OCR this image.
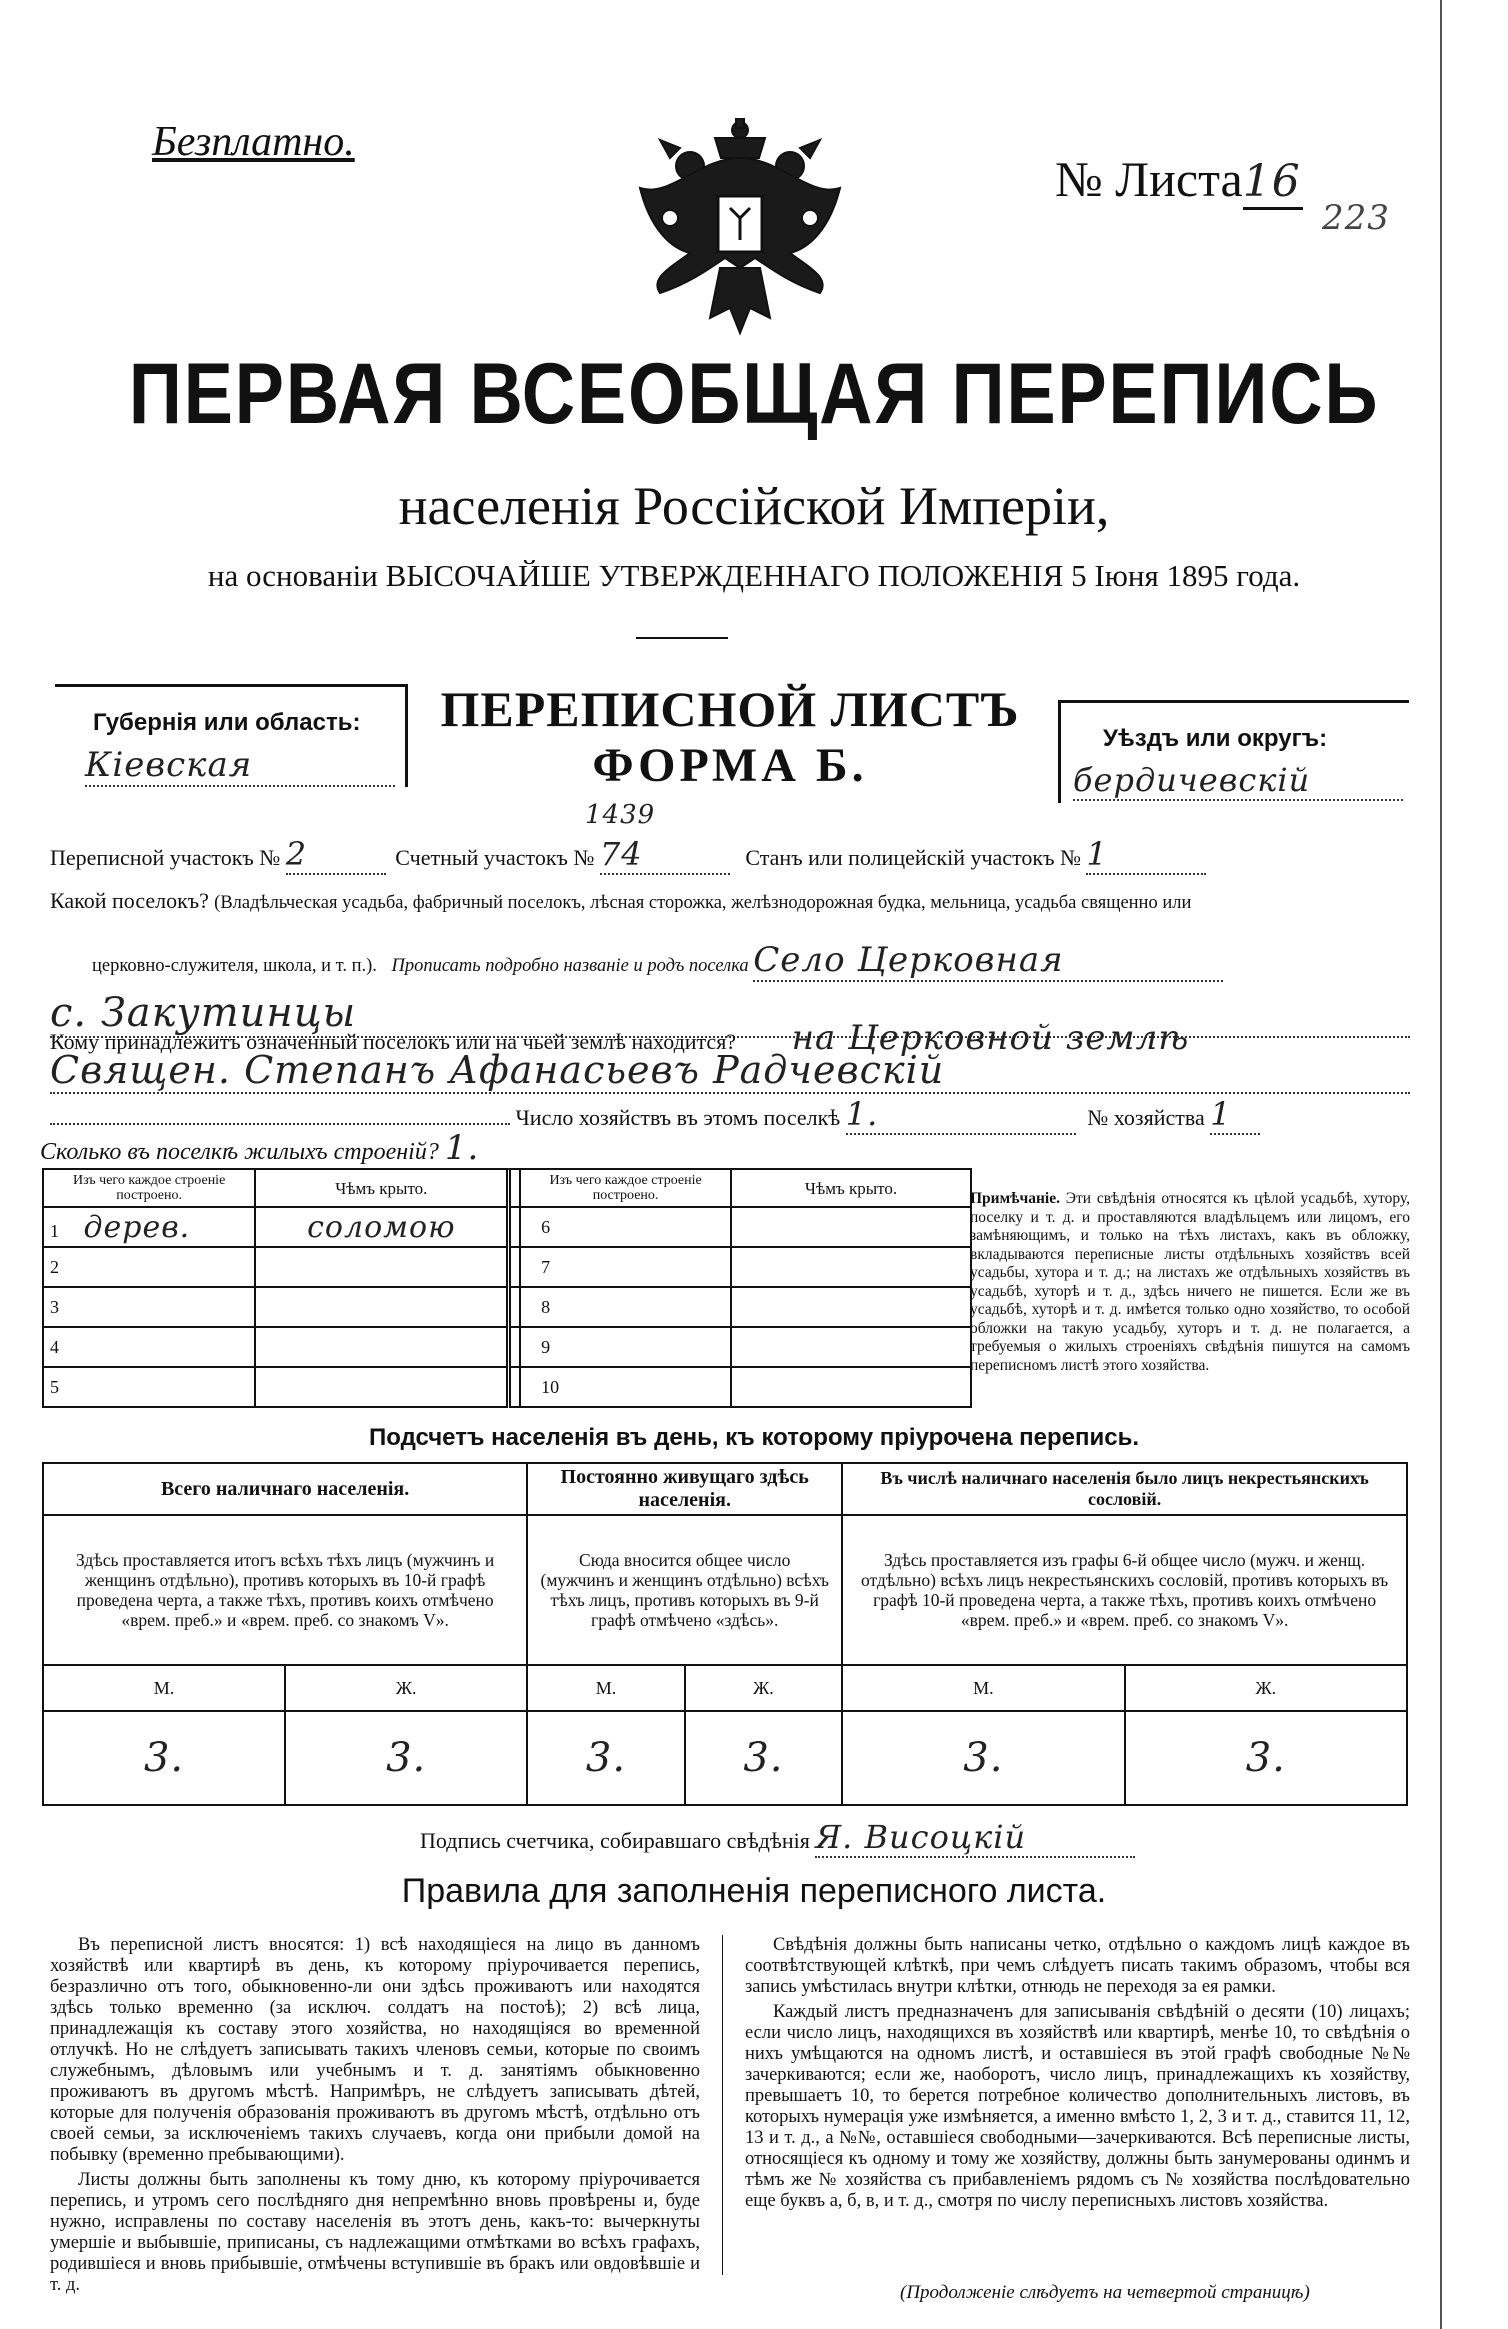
Безплатно.
№ Листа16
223
ПЕРВАЯ ВСЕОБЩАЯ ПЕРЕПИСЬ
населенія Россійской Имперіи,
на основаніи ВЫСОЧАЙШЕ УТВЕРЖДЕННАГО ПОЛОЖЕНІЯ 5 Іюня 1895 года.
Губернія или область:
Кіевская
ПЕРЕПИСНОЙ ЛИСТЪ
ФОРМА Б.
Уѣздъ или округъ:
бердичевскій
Переписной участокъ № 2	Счетный участокъ № 74	Станъ или полицейскій участокъ № 1
1439
Какой поселокъ? (Владѣльческая усадьба, фабричный поселокъ, лѣсная сторожка, желѣзнодорожная будка, мельница, усадьба священно или
церковно-служителя, школа, и т. п.). Прописать подробно названіе и родъ поселка Село Церковная
с. Закутинцы
Кому принадлежитъ означенный поселокъ или на чьей землѣ находится? на Церковной землѣ
Священ. Степанъ Афанасьевъ Радчевскій
Число хозяйствъ въ этомъ поселкѣ 1.	№ хозяйства 1
Сколько въ поселкѣ жилыхъ строеній? 1.
Изъ чего каждое строеніе построено.	Чѣмъ крыто.		Изъ чего каждое строеніе построено.	Чѣмъ крыто.
1 дерев.	соломою		6	
2			7	
3			8	
4			9	
5			10	
Примѣчаніе. Эти свѣдѣнія относятся къ цѣлой усадьбѣ, хутору, поселку и т. д. и проставляются владѣльцемъ или лицомъ, его замѣняющимъ, и только на тѣхъ листахъ, какъ въ обложку, вкладываются переписные листы отдѣльныхъ хозяйствъ всей усадьбы, хутора и т. д.; на листахъ же отдѣльныхъ хозяйствъ въ усадьбѣ, хуторѣ и т. д., здѣсь ничего не пишется. Если же въ усадьбѣ, хуторѣ и т. д. имѣется только одно хозяйство, то особой обложки на такую усадьбу, хуторъ и т. д. не полагается, а требуемыя о жилыхъ строеніяхъ свѣдѣнія пишутся на самомъ переписномъ листѣ этого хозяйства.
Подсчетъ населенія въ день, къ которому пріурочена перепись.
Всего наличнаго населенія.		Постоянно живущаго здѣсь населенія.		Въ числѣ наличнаго населенія было лицъ некрестьянскихъ сословій.	
Здѣсь проставляется итогъ всѣхъ тѣхъ лицъ (мужчинъ и женщинъ отдѣльно), противъ которыхъ въ 10-й графѣ проведена черта, а также тѣхъ, противъ коихъ отмѣчено «врем. преб.» и «врем. преб. со знакомъ V».		Сюда вносится общее число (мужчинъ и женщинъ отдѣльно) всѣхъ тѣхъ лицъ, противъ которыхъ въ 9-й графѣ отмѣчено «здѣсь».		Здѣсь проставляется изъ графы 6-й общее число (мужч. и женщ. отдѣльно) всѣхъ лицъ некрестьянскихъ сословій, противъ которыхъ въ графѣ 10-й проведена черта, а также тѣхъ, противъ коихъ отмѣчено «врем. преб.» и «врем. преб. со знакомъ V».	
М.	Ж.	М.	Ж.	М.	Ж.
3.	3.	3.	3.	3.	3.
Подпись счетчика, собиравшаго свѣдѣнія Я. Висоцкій
Правила для заполненія переписного листа.

Въ переписной листъ вносятся: 1) всѣ находящіеся на лицо въ данномъ хозяйствѣ или квартирѣ въ день, къ которому пріурочивается перепись, безразлично отъ того, обыкновенно-ли они здѣсь проживаютъ или находятся здѣсь только временно (за исключ. солдатъ на постоѣ); 2) всѣ лица, принадлежащія къ составу этого хозяйства, но находящіяся во временной отлучкѣ. Но не слѣдуетъ записывать такихъ членовъ семьи, которые по своимъ служебнымъ, дѣловымъ или учебнымъ и т. д. занятіямъ обыкновенно проживаютъ въ другомъ мѣстѣ. Напримѣръ, не слѣдуетъ записывать дѣтей, которые для полученія образованія проживаютъ въ другомъ мѣстѣ, отдѣльно отъ своей семьи, за исключеніемъ такихъ случаевъ, когда они прибыли домой на побывку (временно пребывающими).

Листы должны быть заполнены къ тому дню, къ которому пріурочивается перепись, и утромъ сего послѣдняго дня непремѣнно вновь провѣрены и, буде нужно, исправлены по составу населенія въ этотъ день, какъ-то: вычеркнуты умершіе и выбывшіе, приписаны, съ надлежащими отмѣтками во всѣхъ графахъ, родившіеся и вновь прибывшіе, отмѣчены вступившіе въ бракъ или овдовѣвшіе и т. д.

Свѣдѣнія должны быть написаны четко, отдѣльно о каждомъ лицѣ каждое въ соотвѣтствующей клѣткѣ, при чемъ слѣдуетъ писать такимъ образомъ, чтобы вся запись умѣстилась внутри клѣтки, отнюдь не переходя за ея рамки.

Каждый листъ предназначенъ для записыванія свѣдѣній о десяти (10) лицахъ; если число лицъ, находящихся въ хозяйствѣ или квартирѣ, менѣе 10, то свѣдѣнія о нихъ умѣщаются на одномъ листѣ, и оставшіеся въ этой графѣ свободные №№ зачеркиваются; если же, наоборотъ, число лицъ, принадлежащихъ къ хозяйству, превышаетъ 10, то берется потребное количество дополнительныхъ листовъ, въ которыхъ нумерація уже измѣняется, а именно вмѣсто 1, 2, 3 и т. д., ставится 11, 12, 13 и т. д., а №№, оставшіеся свободными—зачеркиваются. Всѣ переписные листы, относящіеся къ одному и тому же хозяйству, должны быть занумерованы одинмъ и тѣмъ же № хозяйства съ прибавленіемъ рядомъ съ № хозяйства послѣдовательно еще буквъ а, б, в, и т. д., смотря по числу переписныхъ листовъ хозяйства.

(Продолженіе слѣдуетъ на четвертой страницѣ)
